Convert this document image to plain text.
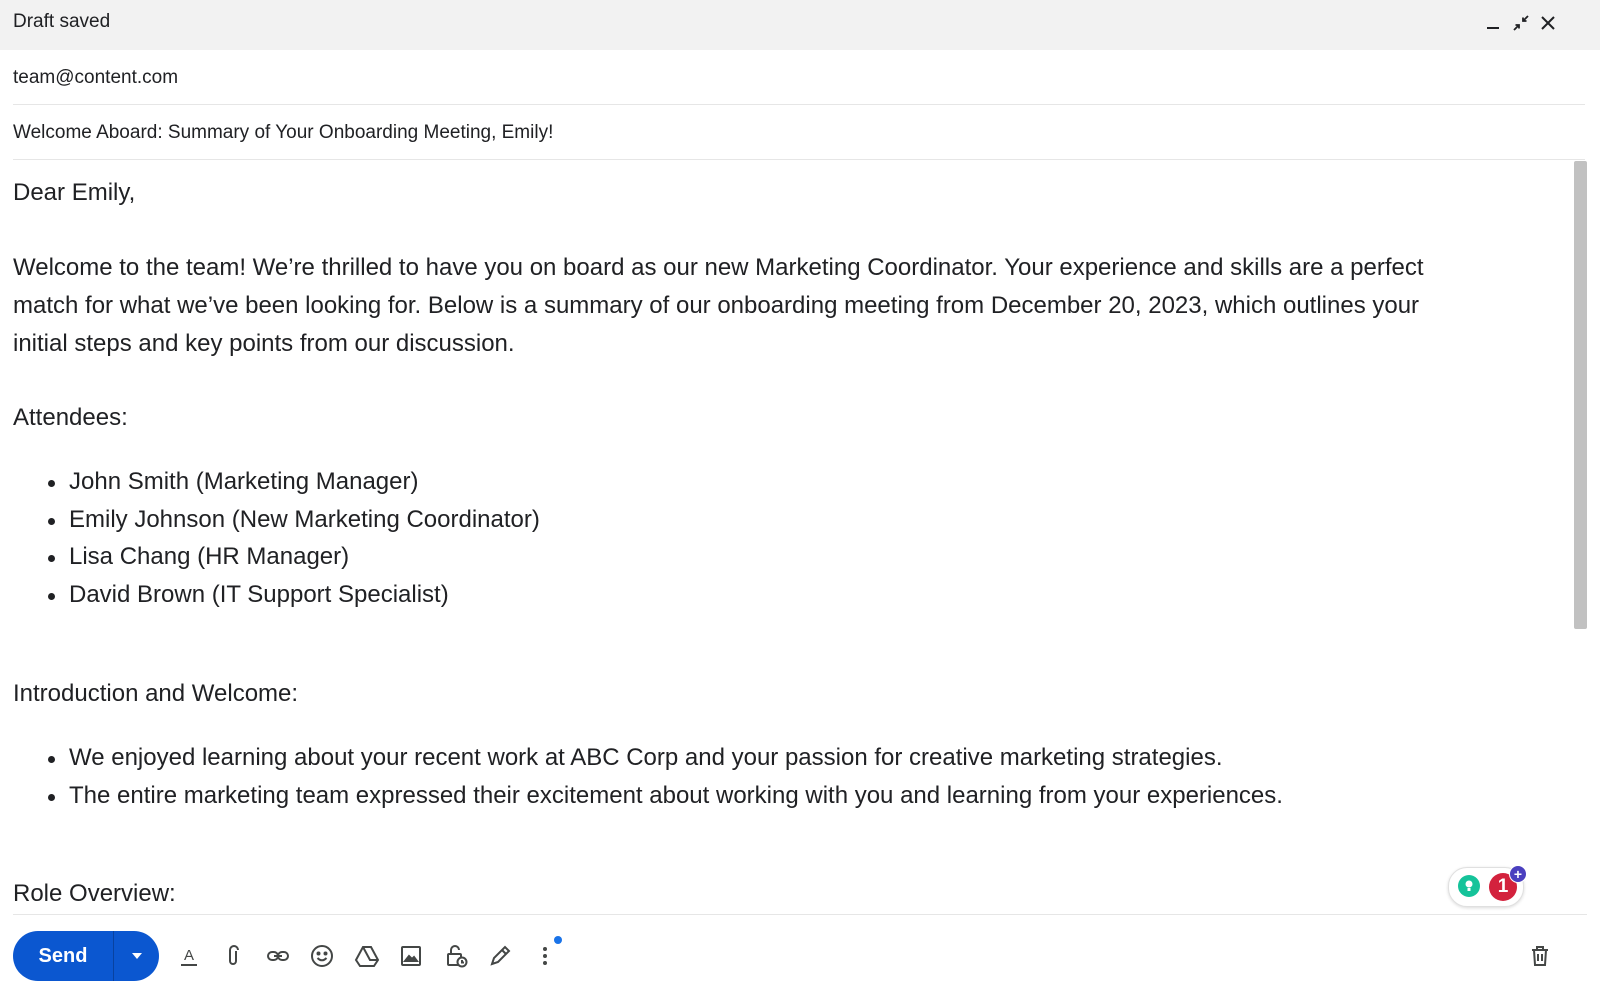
Draft saved
team@content.com
Welcome Aboard: Summary of Your Onboarding Meeting, Emily!
Dear Emily,
Welcome to the team! We’re thrilled to have you on board as our new Marketing Coordinator. Your experience and skills are a perfect
match for what we’ve been looking for. Below is a summary of our onboarding meeting from December 20, 2023, which outlines your
initial steps and key points from our discussion.
Attendees:
John Smith (Marketing Manager)
Emily Johnson (New Marketing Coordinator)
Lisa Chang (HR Manager)
David Brown (IT Support Specialist)
Introduction and Welcome:
We enjoyed learning about your recent work at ABC Corp and your passion for creative marketing strategies.
The entire marketing team expressed their excitement about working with you and learning from your experiences.
Role Overview:	1
+
Send	A
